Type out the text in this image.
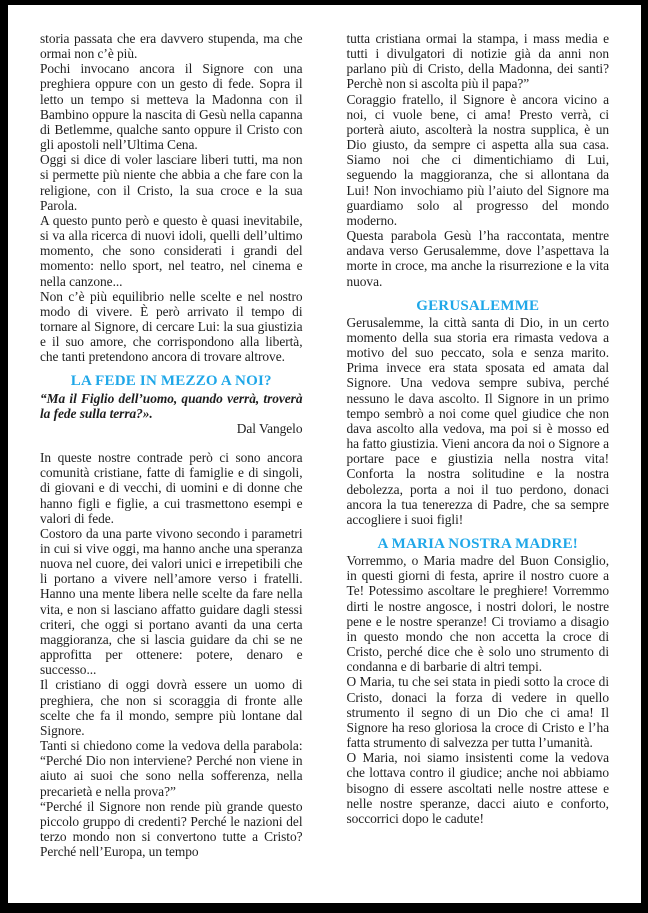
storia passata che era davvero stupenda, ma che ormai non c’è più.

Pochi invocano ancora il Signore con una preghiera oppure con un gesto di fede. Sopra il letto un tempo si metteva la Madonna con il Bambino oppure la nascita di Gesù nella capanna di Betlemme, qualche santo oppure il Cristo con gli apostoli nell’Ultima Cena.

Oggi si dice di voler lasciare liberi tutti, ma non si permette più niente che abbia a che fare con la religione, con il Cristo, la sua croce e la sua Parola.

A questo punto però e questo è quasi inevitabile, si va alla ricerca di nuovi idoli, quelli dell’ultimo momento, che sono considerati i grandi del momento: nello sport, nel teatro, nel cinema e nella canzone...

Non c’è più equilibrio nelle scelte e nel nostro modo di vivere. È però arrivato il tempo di tornare al Signore, di cercare Lui: la sua giustizia e il suo amore, che corrispondono alla libertà, che tanti pretendono ancora di trovare altrove.

LA FEDE IN MEZZO A NOI?

“Ma il Figlio dell’uomo, quando verrà, troverà la fede sulla terra?».

Dal Vangelo

In queste nostre contrade però ci sono ancora comunità cristiane, fatte di famiglie e di singoli, di giovani e di vecchi, di uomini e di donne che hanno figli e figlie, a cui trasmettono esempi e valori di fede.

Costoro da una parte vivono secondo i parametri in cui si vive oggi, ma hanno anche una speranza nuova nel cuore, dei valori unici e irrepetibili che li portano a vivere nell’amore verso i fratelli. Hanno una mente libera nelle scelte da fare nella vita, e non si lasciano affatto guidare dagli stessi criteri, che oggi si portano avanti da una certa maggioranza, che si lascia guidare da chi se ne approfitta per ottenere: potere, denaro e successo...

Il cristiano di oggi dovrà essere un uomo di preghiera, che non si scoraggia di fronte alle scelte che fa il mondo, sempre più lontane dal Signore.

Tanti si chiedono come la vedova della parabola: “Perché Dio non interviene? Perché non viene in aiuto ai suoi che sono nella sofferenza, nella precarietà e nella prova?”

“Perché il Signore non rende più grande questo piccolo gruppo di credenti? Perché le nazioni del terzo mondo non si convertono tutte a Cristo? Perché nell’Europa, un tempo

tutta cristiana ormai la stampa, i mass media e tutti i divulgatori di notizie già da anni non parlano più di Cristo, della Madonna, dei santi? Perchè non si ascolta più il papa?”

Coraggio fratello, il Signore è ancora vicino a noi, ci vuole bene, ci ama! Presto verrà, ci porterà aiuto, ascolterà la nostra supplica, è un Dio giusto, da sempre ci aspetta alla sua casa. Siamo noi che ci dimentichiamo di Lui, seguendo la maggioranza, che si allontana da Lui! Non invochiamo più l’aiuto del Signore ma guardiamo solo al progresso del mondo moderno.

Questa parabola Gesù l’ha raccontata, mentre andava verso Gerusalemme, dove l’aspettava la morte in croce, ma anche la risurrezione e la vita nuova.

GERUSALEMME

Gerusalemme, la città santa di Dio, in un certo momento della sua storia era rimasta vedova a motivo del suo peccato, sola e senza marito. Prima invece era stata sposata ed amata dal Signore. Una vedova sempre subiva, perché nessuno le dava ascolto. Il Signore in un primo tempo sembrò a noi come quel giudice che non dava ascolto alla vedova, ma poi si è mosso ed ha fatto giustizia. Vieni ancora da noi o Signore a portare pace e giustizia nella nostra vita! Conforta la nostra solitudine e la nostra debolezza, porta a noi il tuo perdono, donaci ancora la tua tenerezza di Padre, che sa sempre accogliere i suoi figli!

A MARIA NOSTRA MADRE!

Vorremmo, o Maria madre del Buon Consiglio, in questi giorni di festa, aprire il nostro cuore a Te! Potessimo ascoltare le preghiere! Vorremmo dirti le nostre angosce, i nostri dolori, le nostre pene e le nostre speranze! Ci troviamo a disagio in questo mondo che non accetta la croce di Cristo, perché dice che è solo uno strumento di condanna e di barbarie di altri tempi.

O Maria, tu che sei stata in piedi sotto la croce di Cristo, donaci la forza di vedere in quello strumento il segno di un Dio che ci ama! Il Signore ha reso gloriosa la croce di Cristo e l’ha fatta strumento di salvezza per tutta l’umanità.

O Maria, noi siamo insistenti come la vedova che lottava contro il giudice; anche noi abbiamo bisogno di essere ascoltati nelle nostre attese e nelle nostre speranze, dacci aiuto e conforto, soccorrici dopo le cadute!
